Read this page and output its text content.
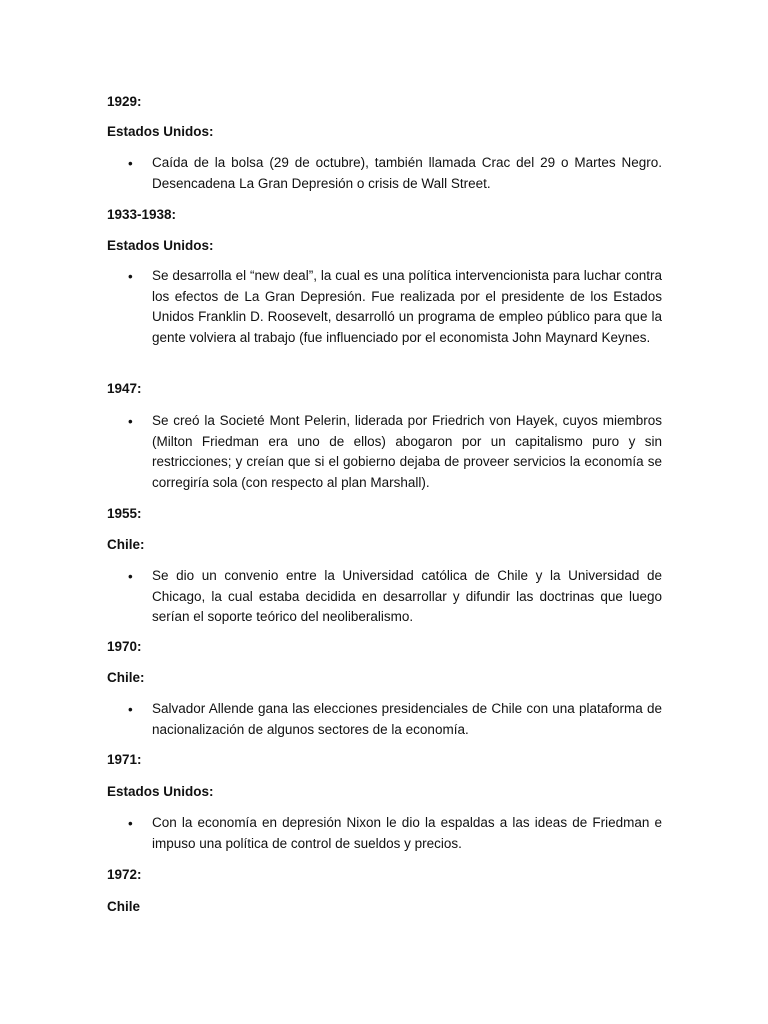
1929:
Estados Unidos:
• Caída de la bolsa (29 de octubre), también llamada Crac del 29 o Martes Negro. Desencadena La Gran Depresión o crisis de Wall Street.
1933-1938:
Estados Unidos:
• Se desarrolla el “new deal”, la cual es una política intervencionista para luchar contra los efectos de La Gran Depresión. Fue realizada por el presidente de los Estados Unidos Franklin D. Roosevelt, desarrolló un programa de empleo público para que la gente volviera al trabajo (fue influenciado por el economista John Maynard Keynes.
1947:
• Se creó la Societé Mont Pelerin, liderada por Friedrich von Hayek, cuyos miembros (Milton Friedman era uno de ellos) abogaron por un capitalismo puro y sin restricciones; y creían que si el gobierno dejaba de proveer servicios la economía se corregiría sola (con respecto al plan Marshall).
1955:
Chile:
• Se dio un convenio entre la Universidad católica de Chile y la Universidad de Chicago, la cual estaba decidida en desarrollar y difundir las doctrinas que luego serían el soporte teórico del neoliberalismo.
1970:
Chile:
• Salvador Allende gana las elecciones presidenciales de Chile con una plataforma de nacionalización de algunos sectores de la economía.
1971:
Estados Unidos:
• Con la economía en depresión Nixon le dio la espaldas a las ideas de Friedman e impuso una política de control de sueldos y precios.
1972:
Chile
